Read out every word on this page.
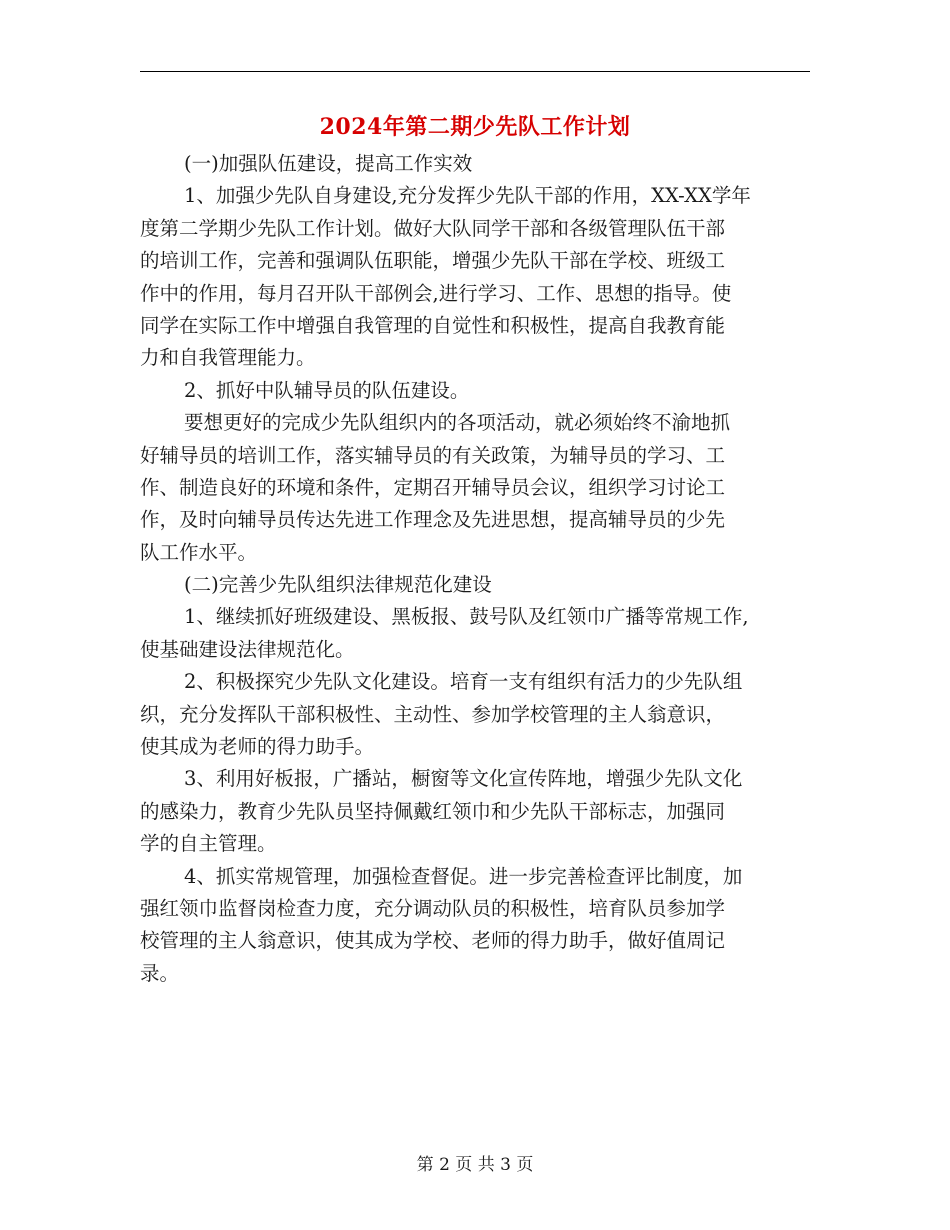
2024年第二期少先队工作计划
(一)加强队伍建设，提高工作实效
1、加强少先队自身建设,充分发挥少先队干部的作用，XX-XX学年
度第二学期少先队工作计划。做好大队同学干部和各级管理队伍干部
的培训工作，完善和强调队伍职能，增强少先队干部在学校、班级工
作中的作用，每月召开队干部例会,进行学习、工作、思想的指导。使
同学在实际工作中增强自我管理的自觉性和积极性，提高自我教育能
力和自我管理能力。
2、抓好中队辅导员的队伍建设。
要想更好的完成少先队组织内的各项活动，就必须始终不渝地抓
好辅导员的培训工作，落实辅导员的有关政策，为辅导员的学习、工
作、制造良好的环境和条件，定期召开辅导员会议，组织学习讨论工
作，及时向辅导员传达先进工作理念及先进思想，提高辅导员的少先
队工作水平。
(二)完善少先队组织法律规范化建设
1、继续抓好班级建设、黑板报、鼓号队及红领巾广播等常规工作,
使基础建设法律规范化。
2、积极探究少先队文化建设。培育一支有组织有活力的少先队组
织，充分发挥队干部积极性、主动性、参加学校管理的主人翁意识，
使其成为老师的得力助手。
3、利用好板报，广播站，橱窗等文化宣传阵地，增强少先队文化
的感染力，教育少先队员坚持佩戴红领巾和少先队干部标志，加强同
学的自主管理。
4、抓实常规管理，加强检查督促。进一步完善检查评比制度，加
强红领巾监督岗检查力度，充分调动队员的积极性，培育队员参加学
校管理的主人翁意识，使其成为学校、老师的得力助手，做好值周记
录。
第 2 页 共 3 页
